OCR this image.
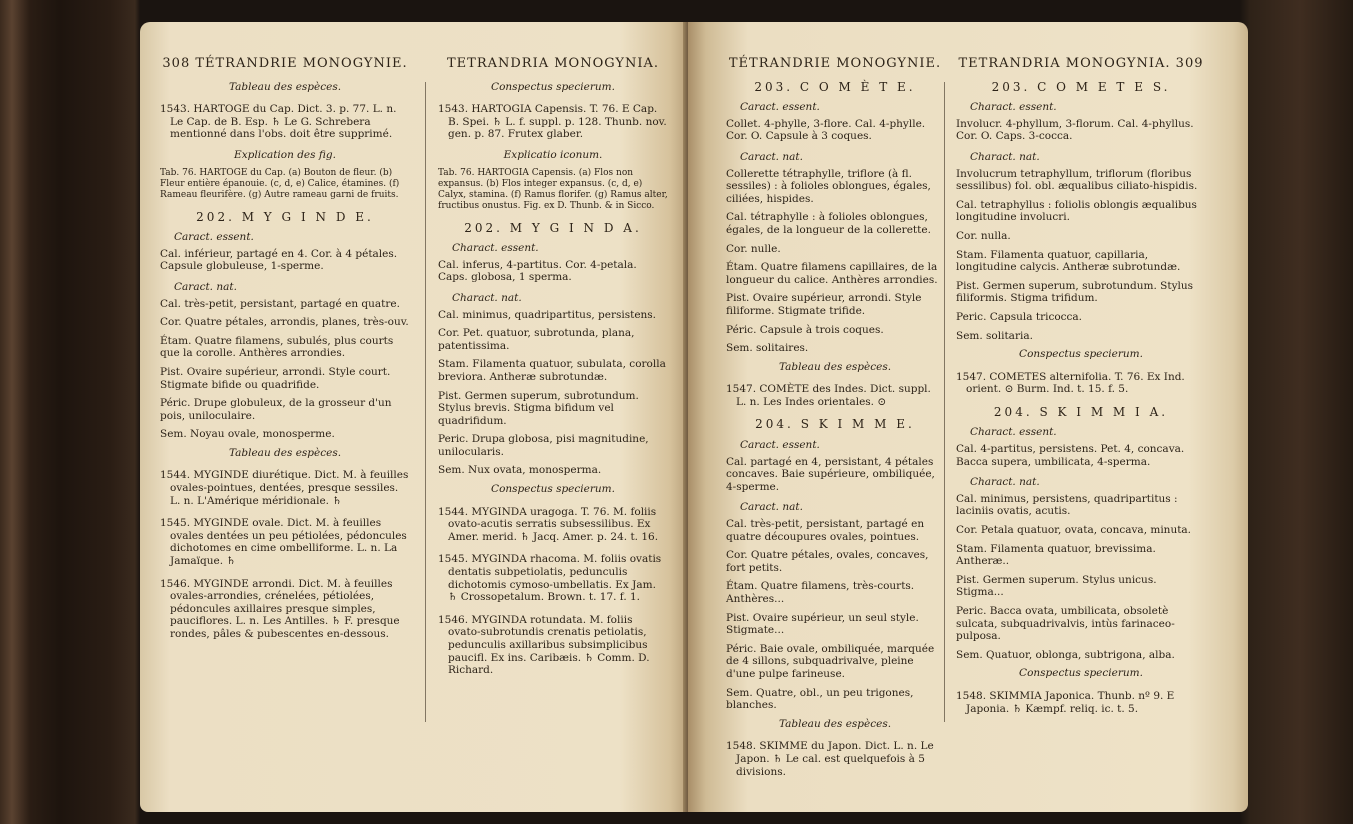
308 TÉTRANDRIE MONOGYNIE.
Tableau des espèces.

1543. HARTOGE du Cap. Dict. 3. p. 77. L. n. Le Cap. de B. Esp. ♄ Le G. Schrebera mentionné dans l'obs. doit être supprimé.

Explication des fig.

Tab. 76. HARTOGE du Cap. (a) Bouton de fleur. (b) Fleur entière épanouie. (c, d, e) Calice, étamines. (f) Rameau fleurifère. (g) Autre rameau garni de fruits.

202. M Y G I N D E.
Caract. essent.

Cal. inférieur, partagé en 4. Cor. à 4 pétales. Capsule globuleuse, 1-sperme.

Caract. nat.

Cal. très-petit, persistant, partagé en quatre.

Cor. Quatre pétales, arrondis, planes, très-ouv.

Étam. Quatre filamens, subulés, plus courts que la corolle. Anthères arrondies.

Pist. Ovaire supérieur, arrondi. Style court. Stigmate bifide ou quadrifide.

Péric. Drupe globuleux, de la grosseur d'un pois, uniloculaire.

Sem. Noyau ovale, monosperme.

Tableau des espèces.

1544. MYGINDE diurétique. Dict. M. à feuilles ovales-pointues, dentées, presque sessiles. L. n. L'Amérique méridionale. ♄

1545. MYGINDE ovale. Dict. M. à feuilles ovales dentées un peu pétiolées, pédoncules dichotomes en cime ombelliforme. L. n. La Jamaïque. ♄

1546. MYGINDE arrondi. Dict. M. à feuilles ovales-arrondies, crénelées, pétiolées, pédoncules axillaires presque simples, pauciflores. L. n. Les Antilles. ♄ F. presque rondes, pâles & pubescentes en-dessous.

TETRANDRIA MONOGYNIA.
Conspectus specierum.

1543. HARTOGIA Capensis. T. 76. E Cap. B. Spei. ♄ L. f. suppl. p. 128. Thunb. nov. gen. p. 87. Frutex glaber.

Explicatio iconum.

Tab. 76. HARTOGIA Capensis. (a) Flos non expansus. (b) Flos integer expansus. (c, d, e) Calyx, stamina. (f) Ramus florifer. (g) Ramus alter, fructibus onustus. Fig. ex D. Thunb. & in Sicco.

202. M Y G I N D A.
Charact. essent.

Cal. inferus, 4-partitus. Cor. 4-petala. Caps. globosa, 1 sperma.

Charact. nat.

Cal. minimus, quadripartitus, persistens.

Cor. Pet. quatuor, subrotunda, plana, patentissima.

Stam. Filamenta quatuor, subulata, corolla breviora. Antheræ subrotundæ.

Pist. Germen superum, subrotundum. Stylus brevis. Stigma bifidum vel quadrifidum.

Peric. Drupa globosa, pisi magnitudine, unilocularis.

Sem. Nux ovata, monosperma.

Conspectus specierum.

1544. MYGINDA uragoga. T. 76. M. foliis ovato-acutis serratis subsessilibus. Ex Amer. merid. ♄ Jacq. Amer. p. 24. t. 16.

1545. MYGINDA rhacoma. M. foliis ovatis dentatis subpetiolatis, pedunculis dichotomis cymoso-umbellatis. Ex Jam. ♄ Crossopetalum. Brown. t. 17. f. 1.

1546. MYGINDA rotundata. M. foliis ovato-subrotundis crenatis petiolatis, pedunculis axillaribus subsimplicibus paucifl. Ex ins. Caribæis. ♄ Comm. D. Richard.

TÉTRANDRIE MONOGYNIE.
203. C O M È T E.
Caract. essent.

Collet. 4-phylle, 3-flore. Cal. 4-phylle. Cor. O. Capsule à 3 coques.

Caract. nat.

Collerette tétraphylle, triflore (à fl. sessiles) : à folioles oblongues, égales, ciliées, hispides.

Cal. tétraphylle : à folioles oblongues, égales, de la longueur de la collerette.

Cor. nulle.

Étam. Quatre filamens capillaires, de la longueur du calice. Anthères arrondies.

Pist. Ovaire supérieur, arrondi. Style filiforme. Stigmate trifide.

Péric. Capsule à trois coques.

Sem. solitaires.

Tableau des espèces.

1547. COMÈTE des Indes. Dict. suppl. L. n. Les Indes orientales. ⊙

204. S K I M M E.
Caract. essent.

Cal. partagé en 4, persistant, 4 pétales concaves. Baie supérieure, ombiliquée, 4-sperme.

Caract. nat.

Cal. très-petit, persistant, partagé en quatre découpures ovales, pointues.

Cor. Quatre pétales, ovales, concaves, fort petits.

Étam. Quatre filamens, très-courts. Anthères...

Pist. Ovaire supérieur, un seul style. Stigmate...

Péric. Baie ovale, ombiliquée, marquée de 4 sillons, subquadrivalve, pleine d'une pulpe farineuse.

Sem. Quatre, obl., un peu trigones, blanches.

Tableau des espèces.

1548. SKIMME du Japon. Dict. L. n. Le Japon. ♄ Le cal. est quelquefois à 5 divisions.

TETRANDRIA MONOGYNIA. 309
203. C O M E T E S.
Charact. essent.

Involucr. 4-phyllum, 3-florum. Cal. 4-phyllus. Cor. O. Caps. 3-cocca.

Charact. nat.

Involucrum tetraphyllum, triflorum (floribus sessilibus) fol. obl. æqualibus ciliato-hispidis.

Cal. tetraphyllus : foliolis oblongis æqualibus longitudine involucri.

Cor. nulla.

Stam. Filamenta quatuor, capillaria, longitudine calycis. Antheræ subrotundæ.

Pist. Germen superum, subrotundum. Stylus filiformis. Stigma trifidum.

Peric. Capsula tricocca.

Sem. solitaria.

Conspectus specierum.

1547. COMETES alternifolia. T. 76. Ex Ind. orient. ⊙ Burm. Ind. t. 15. f. 5.

204. S K I M M I A.
Charact. essent.

Cal. 4-partitus, persistens. Pet. 4, concava. Bacca supera, umbilicata, 4-sperma.

Charact. nat.

Cal. minimus, persistens, quadripartitus : laciniis ovatis, acutis.

Cor. Petala quatuor, ovata, concava, minuta.

Stam. Filamenta quatuor, brevissima. Antheræ..

Pist. Germen superum. Stylus unicus. Stigma...

Peric. Bacca ovata, umbilicata, obsoletè sulcata, subquadrivalvis, intùs farinaceo-pulposa.

Sem. Quatuor, oblonga, subtrigona, alba.

Conspectus specierum.

1548. SKIMMIA Japonica. Thunb. nº 9. E Japonia. ♄ Kæmpf. reliq. ic. t. 5.
